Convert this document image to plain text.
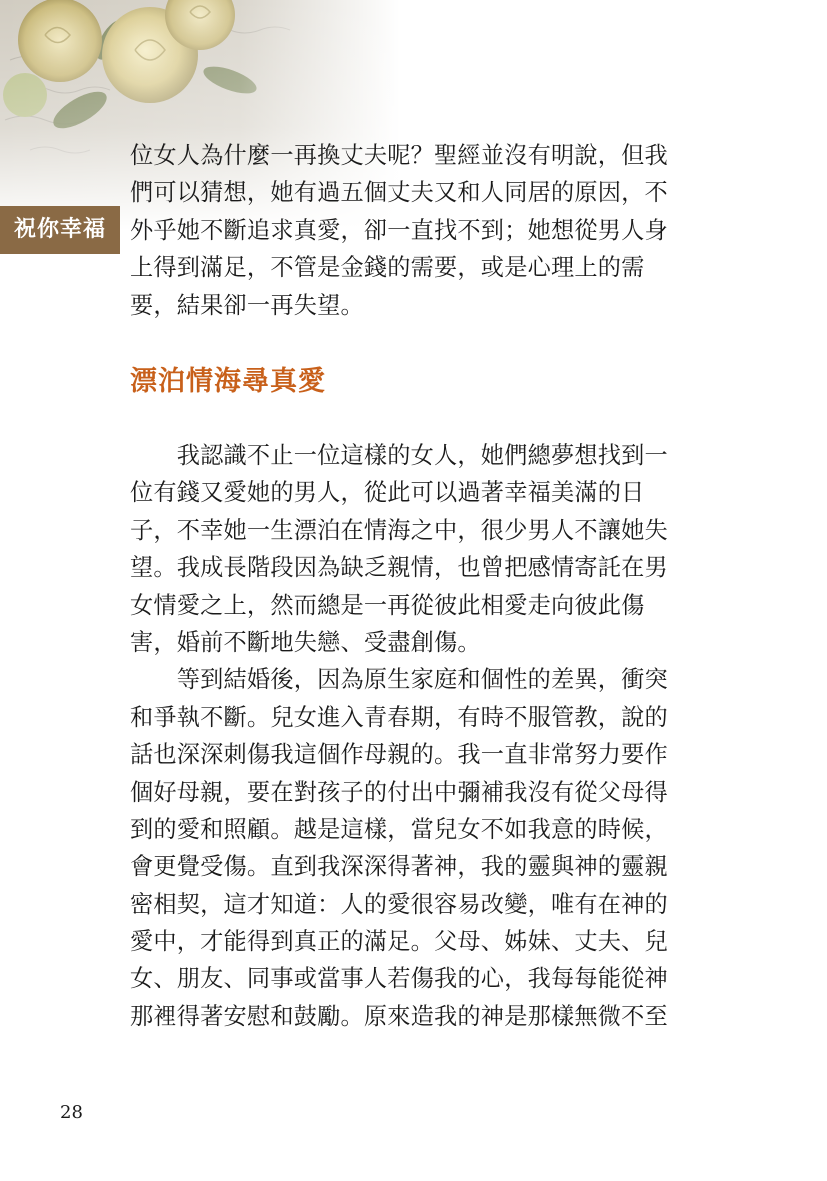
祝你幸福
位女人為什麼一再換丈夫呢？聖經並沒有明說，但我
們可以猜想，她有過五個丈夫又和人同居的原因，不
外乎她不斷追求真愛，卻一直找不到；她想從男人身
上得到滿足，不管是金錢的需要，或是心理上的需
要，結果卻一再失望。
漂泊情海尋真愛
　　我認識不止一位這樣的女人，她們總夢想找到一
位有錢又愛她的男人，從此可以過著幸福美滿的日
子，不幸她一生漂泊在情海之中，很少男人不讓她失
望。我成長階段因為缺乏親情，也曾把感情寄託在男
女情愛之上，然而總是一再從彼此相愛走向彼此傷
害，婚前不斷地失戀、受盡創傷。
　　等到結婚後，因為原生家庭和個性的差異，衝突
和爭執不斷。兒女進入青春期，有時不服管教，說的
話也深深刺傷我這個作母親的。我一直非常努力要作
個好母親，要在對孩子的付出中彌補我沒有從父母得
到的愛和照顧。越是這樣，當兒女不如我意的時候，
會更覺受傷。直到我深深得著神，我的靈與神的靈親
密相契，這才知道：人的愛很容易改變，唯有在神的
愛中，才能得到真正的滿足。父母、姊妹、丈夫、兒
女、朋友、同事或當事人若傷我的心，我每每能從神
那裡得著安慰和鼓勵。原來造我的神是那樣無微不至
28
